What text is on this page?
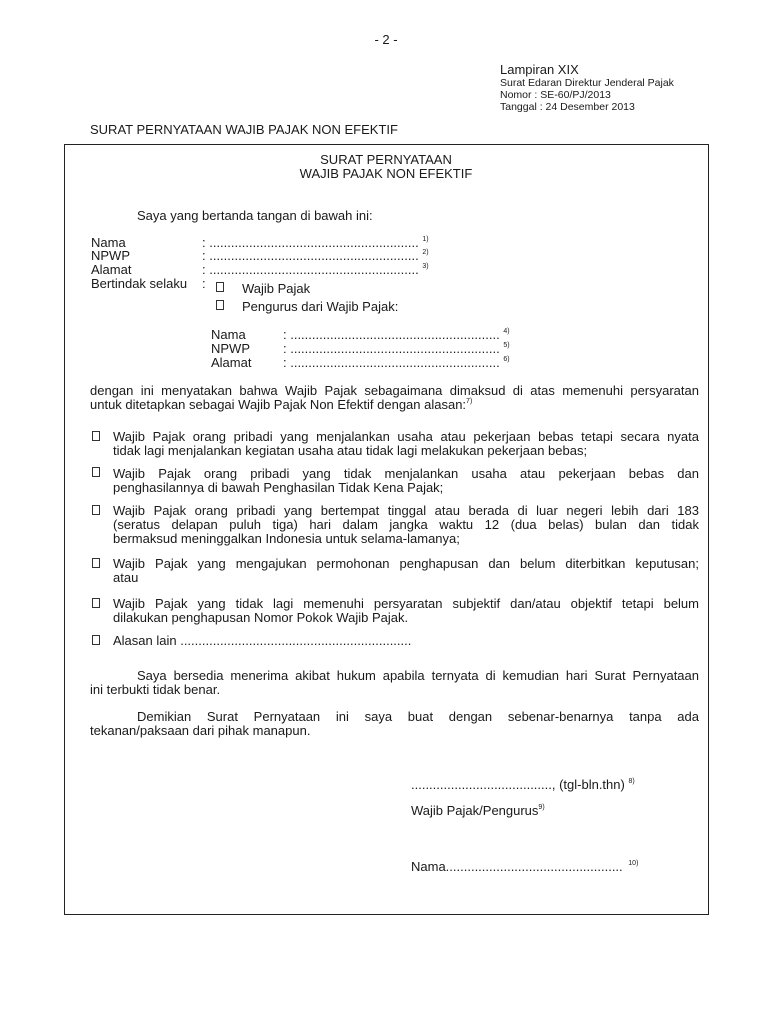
- 2 -
Lampiran XIX
Surat Edaran Direktur Jenderal Pajak
Nomor : SE-60/PJ/2013
Tanggal : 24 Desember 2013
SURAT PERNYATAAN WAJIB PAJAK NON EFEKTIF
SURAT PERNYATAAN
WAJIB PAJAK NON EFEKTIF
Saya yang bertanda tangan di bawah ini:
Nama	: .......................................................... $^{1)}$
NPWP	: .......................................................... $^{2)}$
Alamat	: .......................................................... $^{3)}$
Bertindak selaku :	Wajib Pajak
Pengurus dari Wajib Pajak:
Nama	: .......................................................... $^{4)}$
NPWP	: .......................................................... $^{5)}$
Alamat : .......................................................... $^{6)}$
dengan ini menyatakan bahwa Wajib Pajak sebagaimana dimaksud di atas memenuhi persyaratan
untuk ditetapkan sebagai Wajib Pajak Non Efektif dengan alasan:$^{7)}$
Wajib Pajak orang pribadi yang menjalankan usaha atau pekerjaan bebas tetapi secara nyata
tidak lagi menjalankan kegiatan usaha atau tidak lagi melakukan pekerjaan bebas;
Wajib Pajak orang pribadi yang tidak menjalankan usaha atau pekerjaan bebas dan
penghasilannya di bawah Penghasilan Tidak Kena Pajak;
Wajib Pajak orang pribadi yang bertempat tinggal atau berada di luar negeri lebih dari 183
(seratus delapan puluh tiga) hari dalam jangka waktu 12 (dua belas) bulan dan tidak
bermaksud meninggalkan Indonesia untuk selama-lamanya;
Wajib Pajak yang mengajukan permohonan penghapusan dan belum diterbitkan keputusan;
atau
Wajib Pajak yang tidak lagi memenuhi persyaratan subjektif dan/atau objektif tetapi belum
dilakukan penghapusan Nomor Pokok Wajib Pajak.
Alasan lain ................................................................
Saya bersedia menerima akibat hukum apabila ternyata di kemudian hari Surat Pernyataan
ini terbukti tidak benar.
Demikian Surat Pernyataan ini saya buat dengan sebenar-benarnya tanpa ada
tekanan/paksaan dari pihak manapun.
......................................., (tgl-bln.thn) $^{8)}$
Wajib Pajak/Pengurus$^{9)}$
Nama................................................. $^{10)}$
